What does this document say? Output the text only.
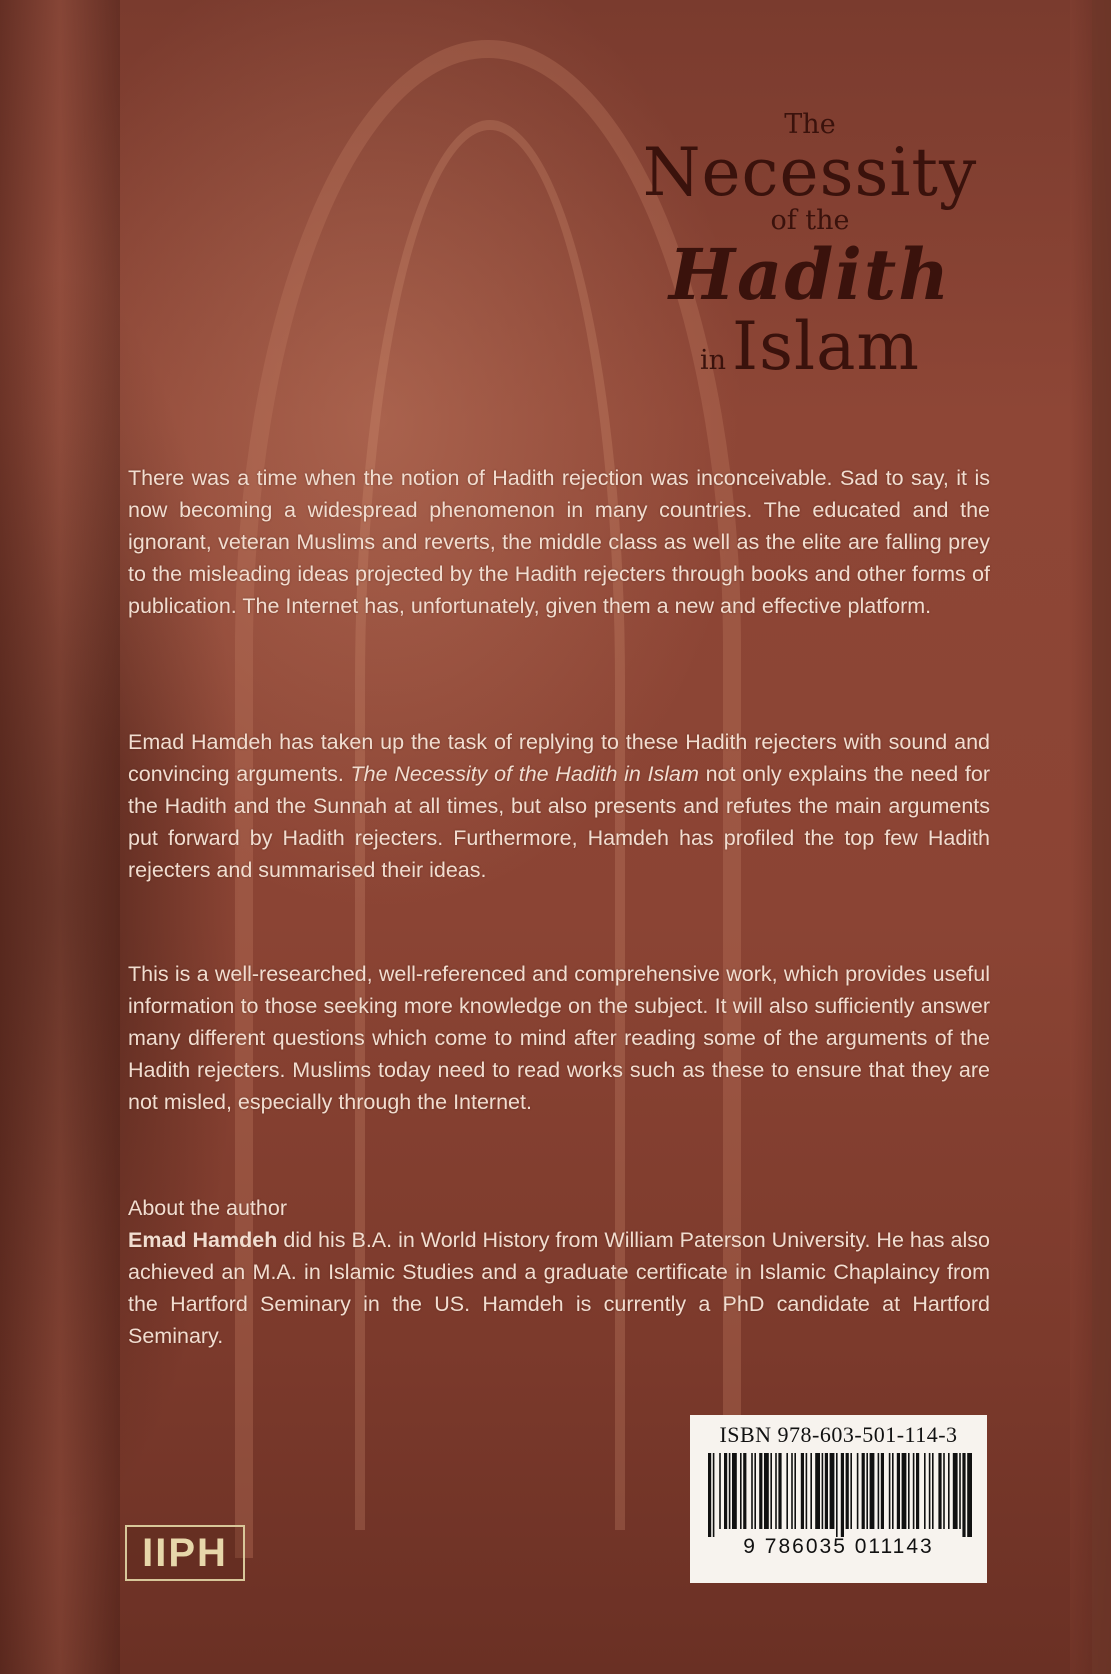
The
Necessity
of the
Hadith
in Islam

There was a time when the notion of Hadith rejection was inconceivable. Sad to say, it is now becoming a widespread phenomenon in many countries. The educated and the ignorant, veteran Muslims and reverts, the middle class as well as the elite are falling prey to the misleading ideas projected by the Hadith rejecters through books and other forms of publication. The Internet has, unfortunately, given them a new and effective platform.

Emad Hamdeh has taken up the task of replying to these Hadith rejecters with sound and convincing arguments. The Necessity of the Hadith in Islam not only explains the need for the Hadith and the Sunnah at all times, but also presents and refutes the main arguments put forward by Hadith rejecters. Furthermore, Hamdeh has profiled the top few Hadith rejecters and summarised their ideas.

This is a well-researched, well-referenced and comprehensive work, which provides useful information to those seeking more knowledge on the subject. It will also sufficiently answer many different questions which come to mind after reading some of the arguments of the Hadith rejecters. Muslims today need to read works such as these to ensure that they are not misled, especially through the Internet.

About the author

Emad Hamdeh did his B.A. in World History from William Paterson University. He has also achieved an M.A. in Islamic Studies and a graduate certificate in Islamic Chaplaincy from the Hartford Seminary in the US. Hamdeh is currently a PhD candidate at Hartford Seminary.

IIPH
ISBN 978-603-501-114-3
9 786035 011143
